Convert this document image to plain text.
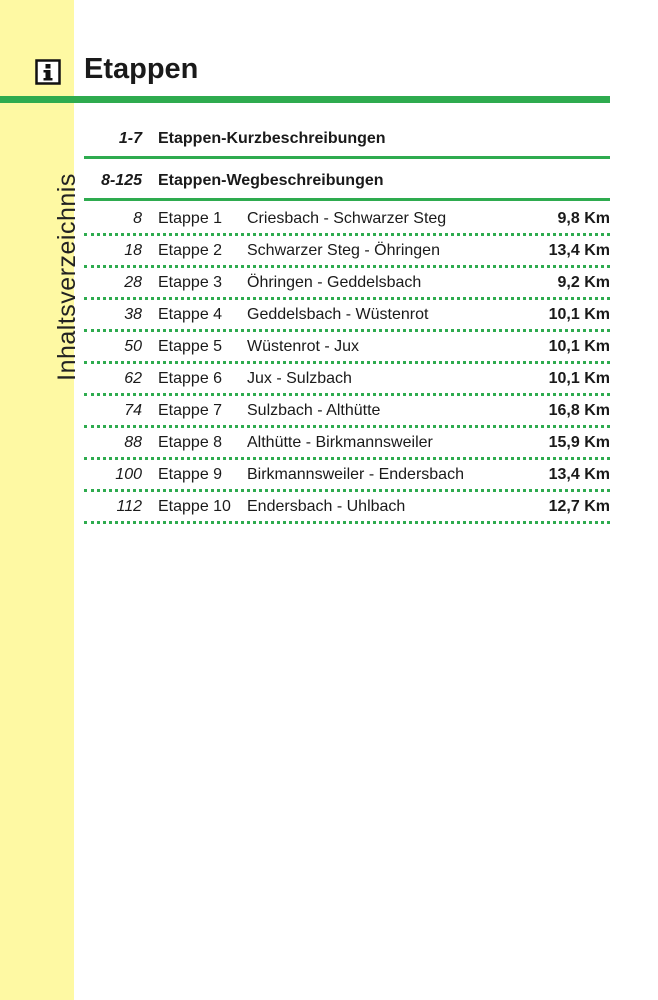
Inhaltsverzeichnis
Etappen
1-7 Etappen-Kurzbeschreibungen
8-125 Etappen-Wegbeschreibungen
8 Etappe 1 Criesbach - Schwarzer Steg	9,8 Km
18 Etappe 2 Schwarzer Steg - Öhringen	13,4 Km
28 Etappe 3 Öhringen - Geddelsbach	9,2 Km
38 Etappe 4 Geddelsbach - Wüstenrot	10,1 Km
50 Etappe 5 Wüstenrot - Jux	10,1 Km
62 Etappe 6 Jux - Sulzbach	10,1 Km
74 Etappe 7 Sulzbach - Althütte	16,8 Km
88 Etappe 8 Althütte - Birkmannsweiler	15,9 Km
100 Etappe 9 Birkmannsweiler - Endersbach	13,4 Km
112 Etappe 10 Endersbach - Uhlbach	12,7 Km
